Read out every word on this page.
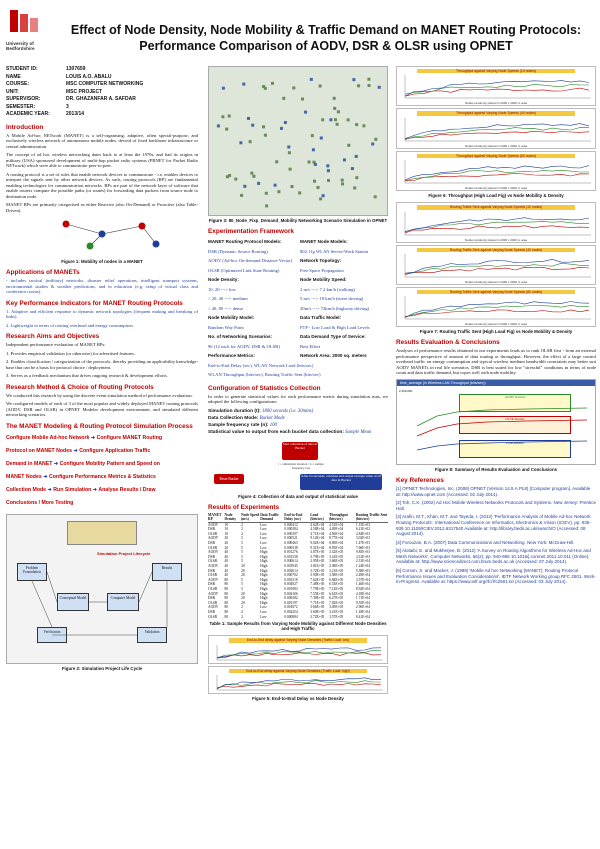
University of
Bedfordshire
Effect of Node Density, Node Mobility & Traffic Demand on MANET Routing Protocols: Performance Comparison of AODV, DSR & OLSR using OPNET
STUDENT ID:	1307659
NAME	LOUIS A.O. ABALU
COURSE:	MSC COMPUTER NETWORKING
UNIT:	MSC PROJECT
SUPERVISOR:	DR. GHAZANFAR A. SAFDAR
SEMESTER:	3
ACADEMIC YEAR:	2013/14
Introduction

A Mobile Ad-hoc NETwork (MANET) is a self-organising, adaptive, often special-purpose, and exclusively wireless network of autonomous mobile nodes, devoid of fixed backbone infrastructure or central administration.

The concept of ad hoc wireless networking dates back to at least the 1970s, and had its origins in military (USA) sponsored development of multi-hop packet radio systems (PRNET for Packet Radio NETwork) which were able to communicate peer-to-peer.

A routing protocol is a set of rules that enable network devices to communicate - i.e. enables devices to interpret the signals sent by other network devices. As such, routing protocols (RP) are fundamental enabling technologies for communication networks. RPs are part of the network layer of software that enable routers compute the possible paths (or routes) for forwarding data packets from source node to destination node.

MANET RPs are primarily categorised as either Reactive (also On-Demand) or Proactive (also Table-Driven).

Figure 1: Mobility of nodes in a MANET
Applications of MANETs

- includes tactical (military) networks, disaster relief operations, intelligent transport systems, environmental studies & weather predictions, and in education (e.g. setup of virtual class and conference rooms).

Key Performance Indicators for MANET Routing Protocols

1. Adaptive and efficient response to dynamic network topologies (frequent making and breaking of links).

2. Lightweight in terms of routing overhead and energy consumption.

Research Aims and Objectives

Independent performance evaluation of MANET RPs:

1. Provides empirical validation (or otherwise) for advertised features.

2. Enables classification / categorization of the protocols, thereby providing an applicability knowledge-base that can be a basis for protocol choice / deployment.

3. Serves as a feedback mechanism that drives ongoing research & development efforts.

Research Method & Choice of Routing Protocols

We conducted this research by using the discrete event simulation method of performance evaluation.

We configured models of each of 3 of the most popular and widely deployed MANET routing protocols (AODV, DSR and OLSR) in OPNET Modeler development environment, and simulated different networking scenarios.

The MANET Modeling & Routing Protocol Simulation Process
Configure Mobile Ad-hoc Network ➜ Configure MANET Routing
Protocol on MANET Nodes ➜ Configure Application Traffic
Demand in MANET ➜ Configure Mobility Pattern and Speed on
MANET Nodes ➜ Configure Performance Metrics & Statistics
Collection Mode ➜ Run Simulation ➜ Analyse Results / Draw
Conclusions / More Testing
Simulation Project Lifecycle
Problem Formulation
Conceptual Model	Computer Model
Results
Verification	Validation
Figure 2: Simulation Project Life Cycle
Figure 3: 80_Node_Fixp_Demand_Mobility Networking Scenario Simulation in OPNET
Experimentation Framework
MANET Routing Protocol Models:	MANET Node Models:
DSR (Dynamic Source Routing)	802.11g WLAN Server/Work Station
AODV (Ad-hoc On-demand Distance Vector)	Network Topology:
OLSR (Optimized Link State Routing)	Free Space Propagation
Node Density:	Node Mobility Speed:
10, 20 ---> low	2 m/s ---> 7.2 km/h (walking)
> 20, 40 ---> medium	5 m/s ---> 18 km/h (street driving)
> 40, 80 ---> dense	20m/s ---> 72km/h (highway driving)
Node Mobility Model:	Data Traffic Model:
Random Way Point	FTP - Low Load & High Load Levels
No. of Networking Scenarios:	Data Demand Type of Service:
96 (12 each for AODV, DSR & OLSR)	Best Effort
Performance Metrics:	Network Area: 2000 sq. meters
End-to-End Delay (sec), WLAN Network Load (bits/sec)
WLAN Throughput (bits/sec), Routing Traffic Sent (bits/sec)
Configuration of Statistics Collection

In order to generate statistical values for each performance metric during simulation runs, we adopted the following configurations:

Simulation duration (t): 1800 seconds (i.e. 30mins)
Data Collection Mode: Bucket Mode
Sample frequency rate (n): 100
Statistical value to output from each bucket data collection: Sample Mean
Start collection of data in Bucket
t = simulation duration / n = sample frequency rate
After t/n seconds, calculate and output average value of all data in Bucket
Reset Bucket
Figure 4: Collection of data and output of statistical value
Results of Experiments
MANET RP	Node Density	Node Speed (m/s)	Data Traffic Demand	End-to-End Delay (sec)	Load (bits/sec)	Throughput (bits/sec)	Routing Traffic Sent (bits/sec)
AODV	10	2	Low	0.000412	4.62E+04	4.51E+04	1.15E+03
DSR	10	2	Low	0.000384	4.58E+04	4.49E+04	6.21E+02
OLSR	10	2	Low	0.000297	4.71E+04	4.56E+04	2.84E+03
AODV	20	5	Low	0.000521	9.14E+04	8.77E+04	3.02E+03
DSR	20	5	Low	0.000463	9.02E+04	8.69E+04	1.47E+03
OLSR	20	5	Low	0.000338	9.31E+04	8.95E+04	7.66E+03
AODV	40	5	High	0.001276	3.87E+05	3.52E+05	9.85E+03
DSR	40	5	High	0.001538	3.79E+05	3.41E+05	4.12E+03
OLSR	40	5	High	0.000614	3.95E+05	3.66E+05	2.31E+04
AODV	40	20	High	0.001945	3.81E+05	3.38E+05	1.24E+04
DSR	40	20	High	0.002614	3.72E+05	3.21E+05	5.38E+03
OLSR	40	20	High	0.000702	3.90E+05	3.58E+05	2.49E+04
AODV	80	5	High	0.003318	7.62E+05	6.84E+05	3.57E+04
DSR	80	5	High	0.004927	7.48E+05	6.53E+05	1.46E+04
OLSR	80	5	High	0.001083	7.79E+05	7.12E+05	8.92E+04
AODV	80	20	High	0.004106	7.55E+05	6.61E+05	4.18E+04
DSR	80	20	High	0.006382	7.39E+05	6.27E+05	1.71E+04
OLSR	80	20	High	0.001197	7.71E+05	7.02E+05	9.35E+04
AODV	80	2	Low	0.001872	3.66E+05	3.49E+05	2.96E+04
DSR	80	2	Low	0.002254	3.60E+05	3.41E+05	1.18E+04
OLSR	80	2	Low	0.000884	3.72E+05	3.57E+05	8.41E+04
Table 1: Sample Results from Varying Node Mobility against Different Node Densities and High Traffic
End-to-End delay against Varying Node Densities (Traffic Load: low)
End-to-End delay against Varying Node Densities (Traffic Load: high)
Figure 5: End-to-End Delay vs Node Density
Throughput against Varying Node Speeds (10 nodes)
Nodes randomly placed in 2000 x 2000 m area
Throughput against Varying Node Speeds (40 nodes)
Nodes randomly placed in 2000 x 2000 m area
Throughput against Varying Node Speeds (80 nodes)
Nodes randomly placed in 2000 x 2000 m area
Figure 6: Throughput (High Load Fig) vs Node Mobility & Density
Routing Traffic Sent against Varying Node Speeds (10 nodes)
Nodes randomly placed in 2000 x 2000 m area
Routing Traffic Sent against Varying Node Speeds (40 nodes)
Nodes randomly placed in 2000 x 2000 m area
Routing Traffic Sent against Varying Node Speeds (80 nodes)
Nodes randomly placed in 2000 x 2000 m area
Figure 7: Routing Traffic Sent (High Load Fig) vs Node Mobility & Density
Results Evaluation & Conclusions

Analyses of performance results obtained in our experiments leads us to rank OLSR first - from an external performance perspective of amount of data routing or throughput. However, the effect of a large control overhead traffic on energy consumption and typical wireless medium bandwidth constraints may better suit AODV MANETs in real life scenarios. DSR is best suited for low "stressful" conditions in terms of node count and data traffic demand, but copes well with node mobility.

time_average (in Wireless LAN Throughput (bits/sec))
2,400,000
AODV Results
OLSR Results
DSR Results
Figure 8: Summary of Results Evaluation and Conclusions
Key References

[1] OPNET Technologies, Inc. (2008) OPNET (Version 14.5.A PL8) [Computer program]. Available at: http://www.opnet.com (Accessed: 02 July 2014).

[2] Toh, C.K. (2002) Ad Hoc Mobile Wireless Networks Protocols and Systems. New Jersey: Prentice Hall.

[3] Arafin, M.T., Khan, M.T. and Tayeda, I. (2012) 'Performance Analysis of Mobile Ad-hoc Network Routing Protocols', International Conference on Informatics, Electronics & Vision (ICIEV), pp. 935-939 10.1109/ICIEV.2012.6317540 Available at: http://library.beds.ac.uk/search/O (Accessed: 08 August 2014).

[4] Forouzan, B.A. (2007) Data Communications and Networking. New York: McGraw-Hill.

[5] Alotaibi, E. and Mukherjee, B. (2012) 'A Survey on Routing Algorithms for Wireless Ad-Hoc and Mesh Networks', Computer Networks, 56(2), pp. 940-965 10.1016/j.comnet.2011.10.011 (Online). Available at: http://www.sciencedirect.com.brum.beds.ac.uk (Accessed: 07 July 2014).

[6] Corson, S. and Macker, J. (1999) 'Mobile Ad hoc Networking (MANET): Routing Protocol Performance Issues and Evaluation Considerations', IETF Network Working group RFC 2501, Work-In-Progress. Available at: https://www.ietf.org/rfc/rfc2501.txt (Accessed: 03 July 2014).
